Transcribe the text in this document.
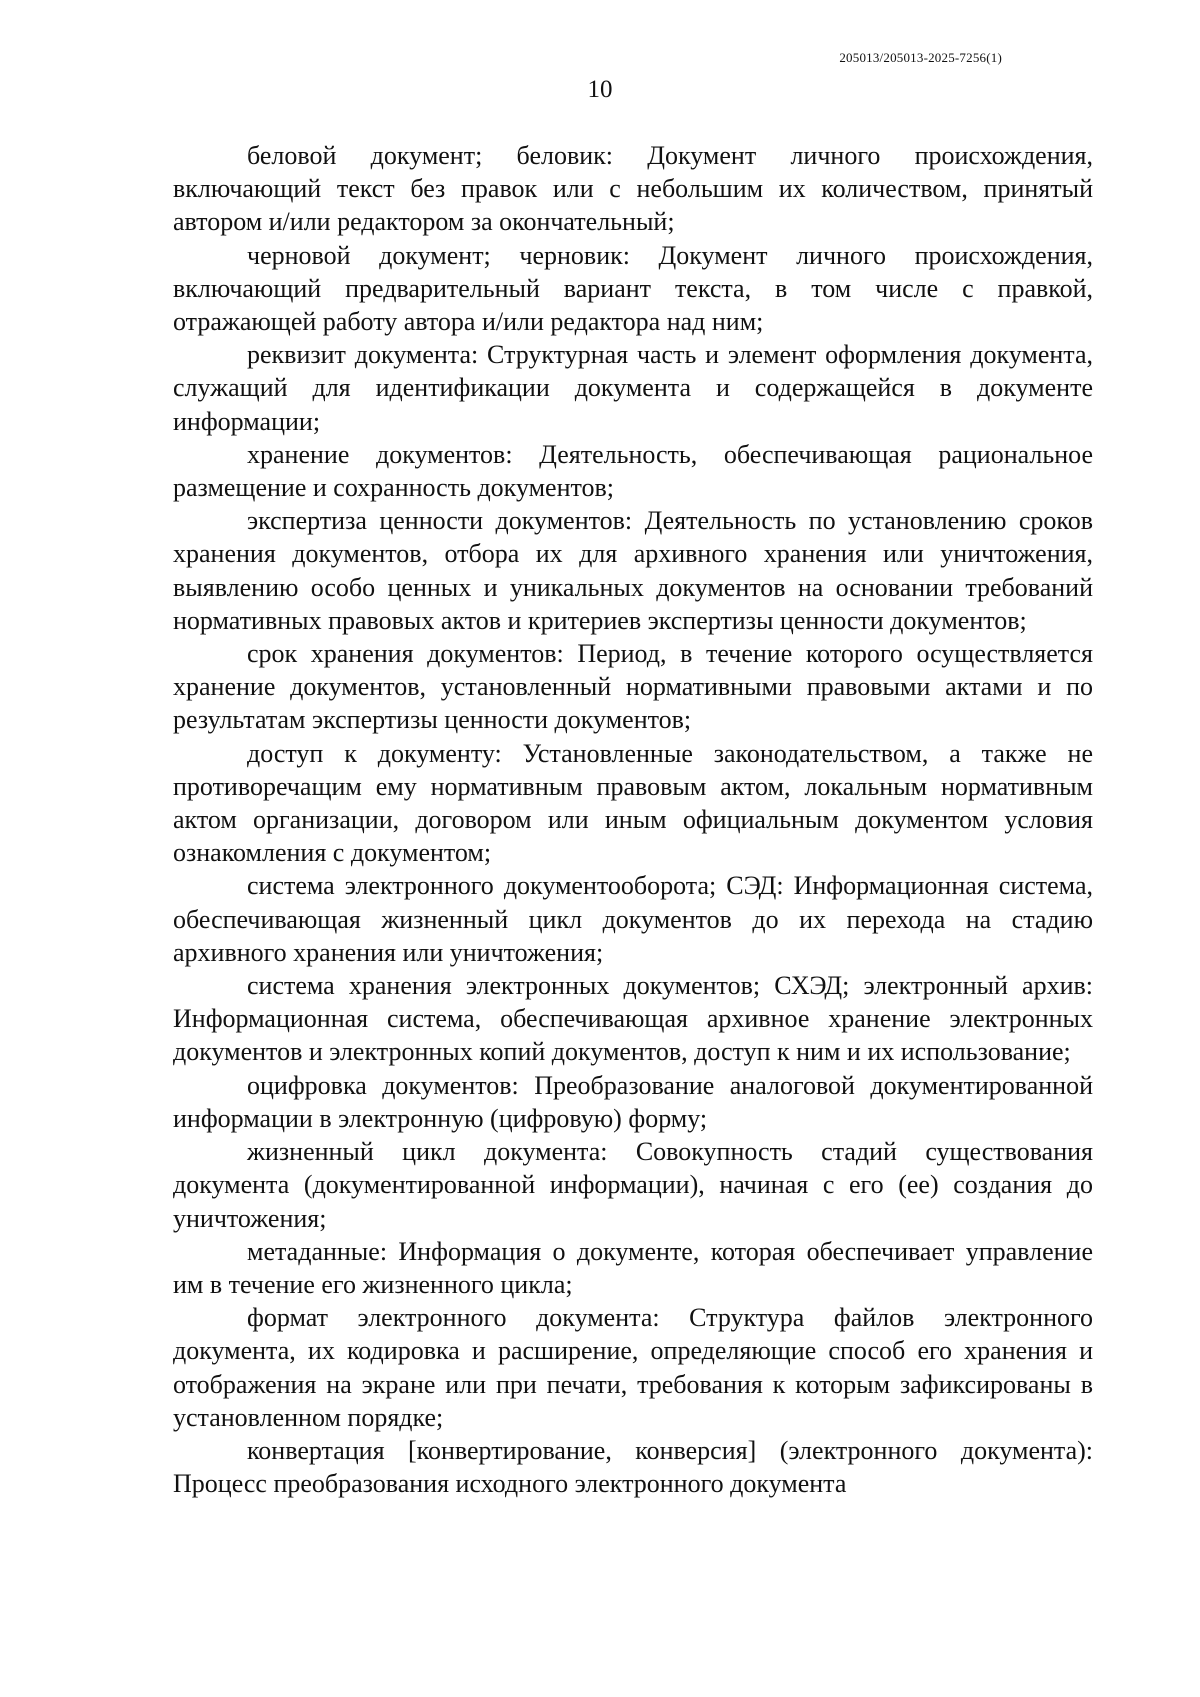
205013/205013-2025-7256(1)
10

беловой документ; беловик: Документ личного происхождения, включающий текст без правок или с небольшим их количеством, принятый автором и/или редактором за окончательный;

черновой документ; черновик: Документ личного происхождения, включающий предварительный вариант текста, в том числе с правкой, отражающей работу автора и/или редактора над ним;

реквизит документа: Структурная часть и элемент оформления документа, служащий для идентификации документа и содержащейся в документе информации;

хранение документов: Деятельность, обеспечивающая рациональное размещение и сохранность документов;

экспертиза ценности документов: Деятельность по установлению сроков хранения документов, отбора их для архивного хранения или уничтожения, выявлению особо ценных и уникальных документов на основании требований нормативных правовых актов и критериев экспертизы ценности документов;

срок хранения документов: Период, в течение которого осуществляется хранение документов, установленный нормативными правовыми актами и по результатам экспертизы ценности документов;

доступ к документу: Установленные законодательством, а также не противоречащим ему нормативным правовым актом, локальным нормативным актом организации, договором или иным официальным документом условия ознакомления с документом;

система электронного документооборота; СЭД: Информационная система, обеспечивающая жизненный цикл документов до их перехода на стадию архивного хранения или уничтожения;

система хранения электронных документов; СХЭД; электронный архив: Информационная система, обеспечивающая архивное хранение электронных документов и электронных копий документов, доступ к ним и их использование;

оцифровка документов: Преобразование аналоговой документированной информации в электронную (цифровую) форму;

жизненный цикл документа: Совокупность стадий существования документа (документированной информации), начиная с его (ее) создания до уничтожения;

метаданные: Информация о документе, которая обеспечивает управление им в течение его жизненного цикла;

формат электронного документа: Структура файлов электронного документа, их кодировка и расширение, определяющие способ его хранения и отображения на экране или при печати, требования к которым зафиксированы в установленном порядке;

конвертация [конвертирование, конверсия] (электронного документа): Процесс преобразования исходного электронного документа
